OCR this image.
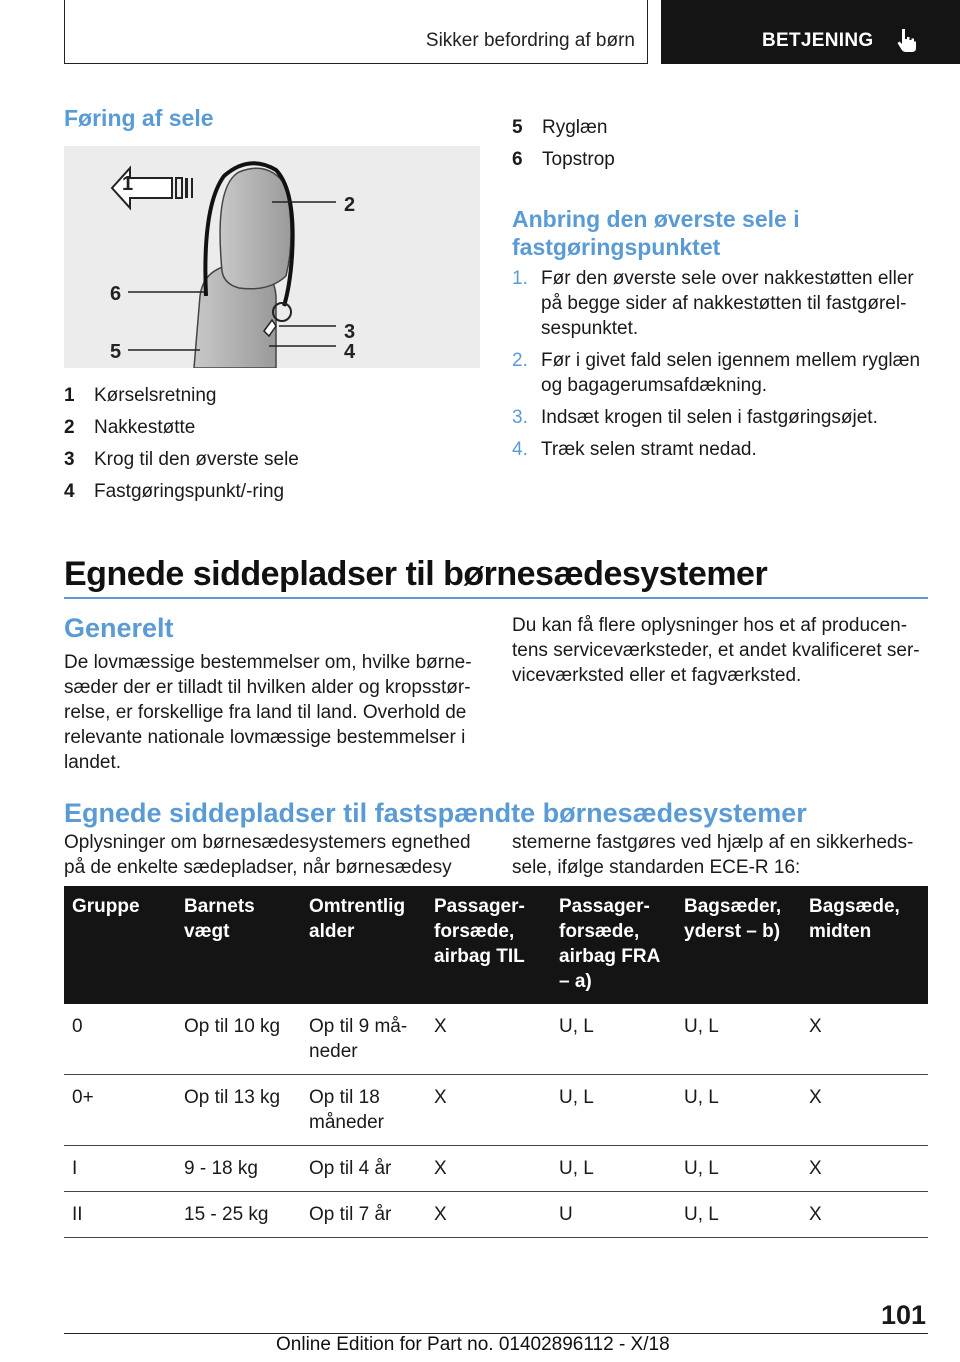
Sikker befordring af børn	BETJENING
Føring af sele
1
2
6
3
4
5
1	Kørselsretning
2	Nakkestøtte
3	Krog til den øverste sele
4	Fastgøringspunkt/-ring
5	Ryglæn
6	Topstrop
Anbring den øverste sele i fastgøringspunktet
1. Før den øverste sele over nakkestøtten eller på begge sider af nakkestøtten til fastgørelsespunktet.
2. Før i givet fald selen igennem mellem ryglæn og bagagerumsafdækning.
3. Indsæt krogen til selen i fastgøringsøjet.
4. Træk selen stramt nedad.
Egnede siddepladser til børnesædesystemer
Generelt

De lovmæssige bestemmelser om, hvilke børnesæder der er tilladt til hvilken alder og kropsstørrelse, er forskellige fra land til land. Overhold de relevante nationale lovmæssige bestemmelser i landet.

Du kan få flere oplysninger hos et af producentens serviceværksteder, et andet kvalificeret serviceværksted eller et fagværksted.

Egnede siddepladser til fastspændte børnesædesystemer

Oplysninger om børnesædesystemers egnethed på de enkelte sædepladser, når børnesædesy

stemerne fastgøres ved hjælp af en sikkerhedssele, ifølge standarden ECE-R 16:

Gruppe	Barnets vægt	Omtrentlig alder	Passagerforsæde, airbag TIL	Passagerforsæde, airbag FRA – a)	Bagsæder, yderst – b)	Bagsæde, midten
0	Op til 10 kg	Op til 9 måneder	X	U, L	U, L	X
0+	Op til 13 kg	Op til 18 måneder	X	U, L	U, L	X
I	9 - 18 kg	Op til 4 år	X	U, L	U, L	X
II	15 - 25 kg	Op til 7 år	X	U	U, L	X
101
Online Edition for Part no. 01402896112 - X/18
